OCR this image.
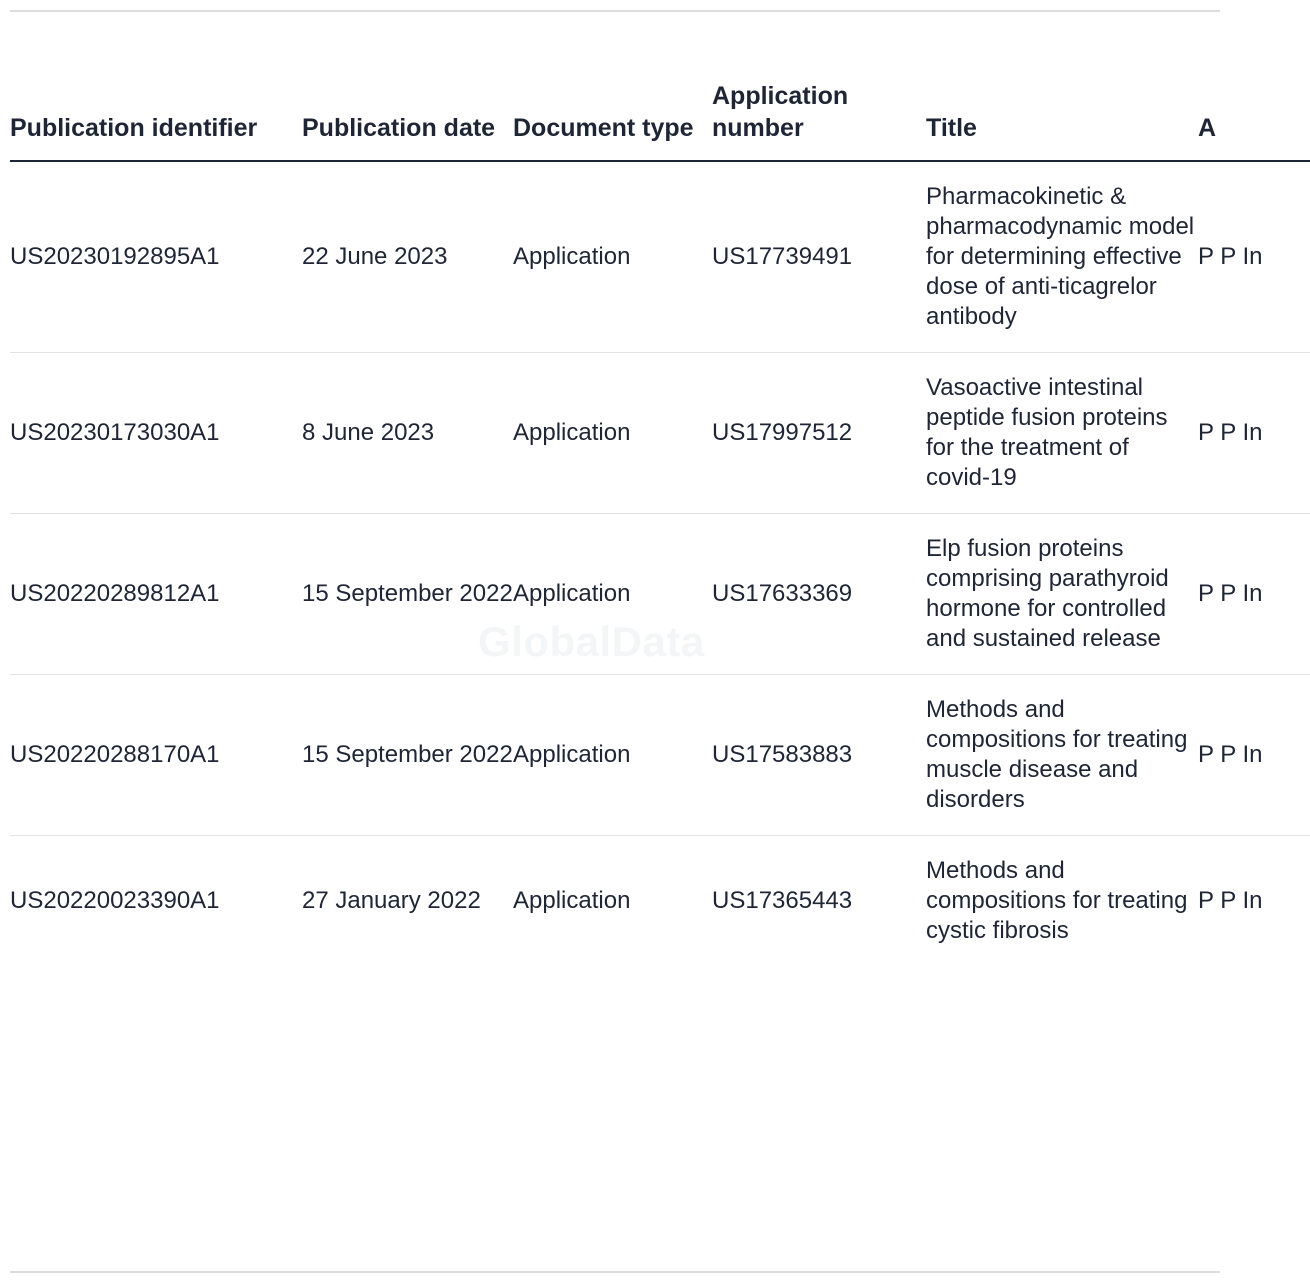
GlobalData
Publication identifier	Publication date	Document type	Application number	Title	A
US20230192895A1	22 June 2023	Application	US17739491	Pharmacokinetic & pharmacodynamic model for determining effective dose of anti-ticagrelor antibody	P P In
US20230173030A1	8 June 2023	Application	US17997512	Vasoactive intestinal peptide fusion proteins for the treatment of covid-19	P P In
US20220289812A1	15 September 2022	Application	US17633369	Elp fusion proteins comprising parathyroid hormone for controlled and sustained release	P P In
US20220288170A1	15 September 2022	Application	US17583883	Methods and compositions for treating muscle disease and disorders	P P In
US20220023390A1	27 January 2022	Application	US17365443	Methods and compositions for treating cystic fibrosis	P P In
